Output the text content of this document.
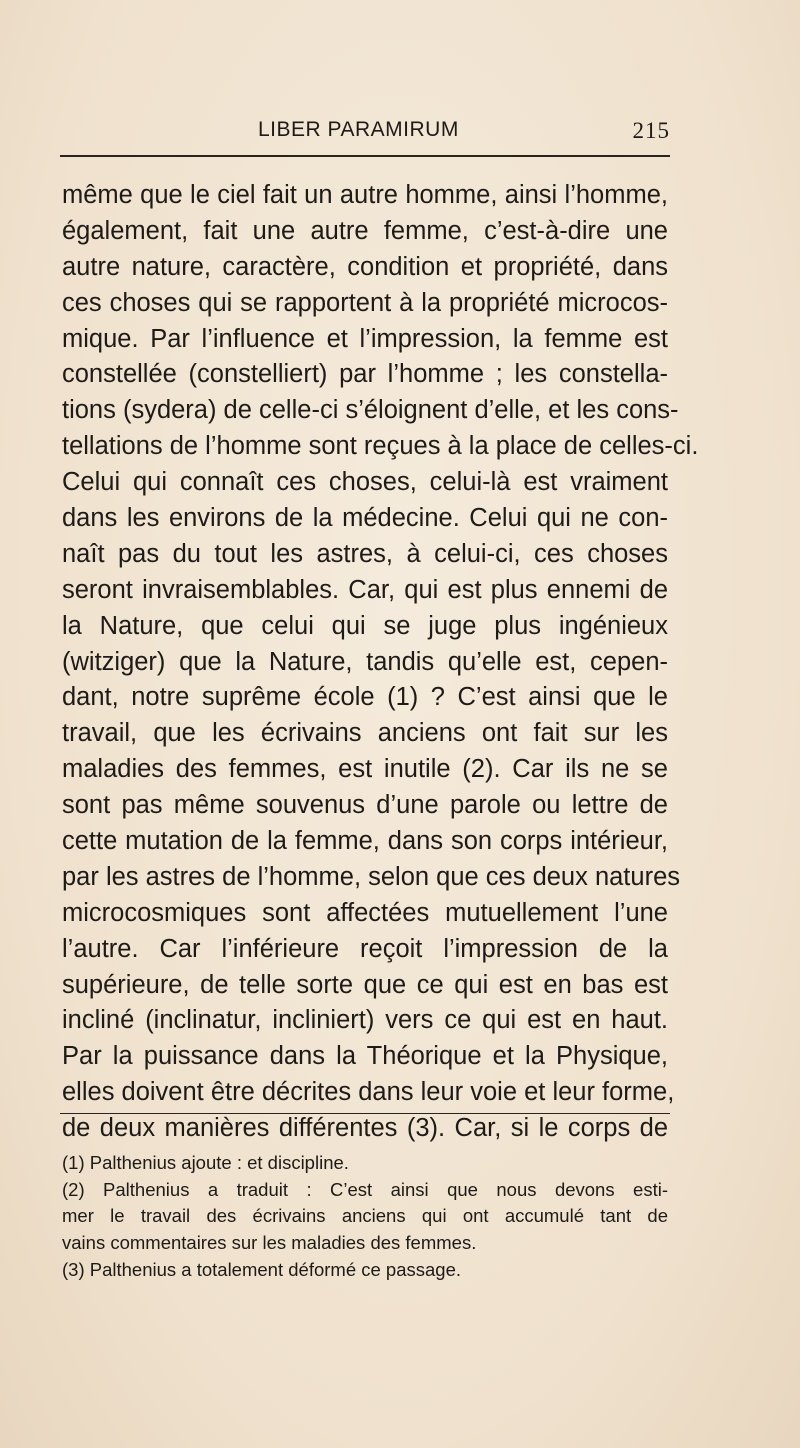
LIBER PARAMIRUM	215
même que le ciel fait un autre homme, ainsi l’homme,
également, fait une autre femme, c’est-à-dire une
autre nature, caractère, condition et propriété, dans
ces choses qui se rapportent à la propriété microcos-
mique. Par l’influence et l’impression, la femme est
constellée (constelliert) par l’homme ; les constella-
tions (sydera) de celle-ci s’éloignent d’elle, et les cons-
tellations de l’homme sont reçues à la place de celles-ci.
Celui qui connaît ces choses, celui-là est vraiment
dans les environs de la médecine. Celui qui ne con-
naît pas du tout les astres, à celui-ci, ces choses
seront invraisemblables. Car, qui est plus ennemi de
la Nature, que celui qui se juge plus ingénieux
(witziger) que la Nature, tandis qu’elle est, cepen-
dant, notre suprême école (1) ? C’est ainsi que le
travail, que les écrivains anciens ont fait sur les
maladies des femmes, est inutile (2). Car ils ne se
sont pas même souvenus d’une parole ou lettre de
cette mutation de la femme, dans son corps intérieur,
par les astres de l’homme, selon que ces deux natures
microcosmiques sont affectées mutuellement l’une
l’autre. Car l’inférieure reçoit l’impression de la
supérieure, de telle sorte que ce qui est en bas est
incliné (inclinatur, incliniert) vers ce qui est en haut.
Par la puissance dans la Théorique et la Physique,
elles doivent être décrites dans leur voie et leur forme,
de deux manières différentes (3). Car, si le corps de
(1) Palthenius ajoute : et discipline.
(2) Palthenius a traduit : C’est ainsi que nous devons esti-
mer le travail des écrivains anciens qui ont accumulé tant de
vains commentaires sur les maladies des femmes.
(3) Palthenius a totalement déformé ce passage.
